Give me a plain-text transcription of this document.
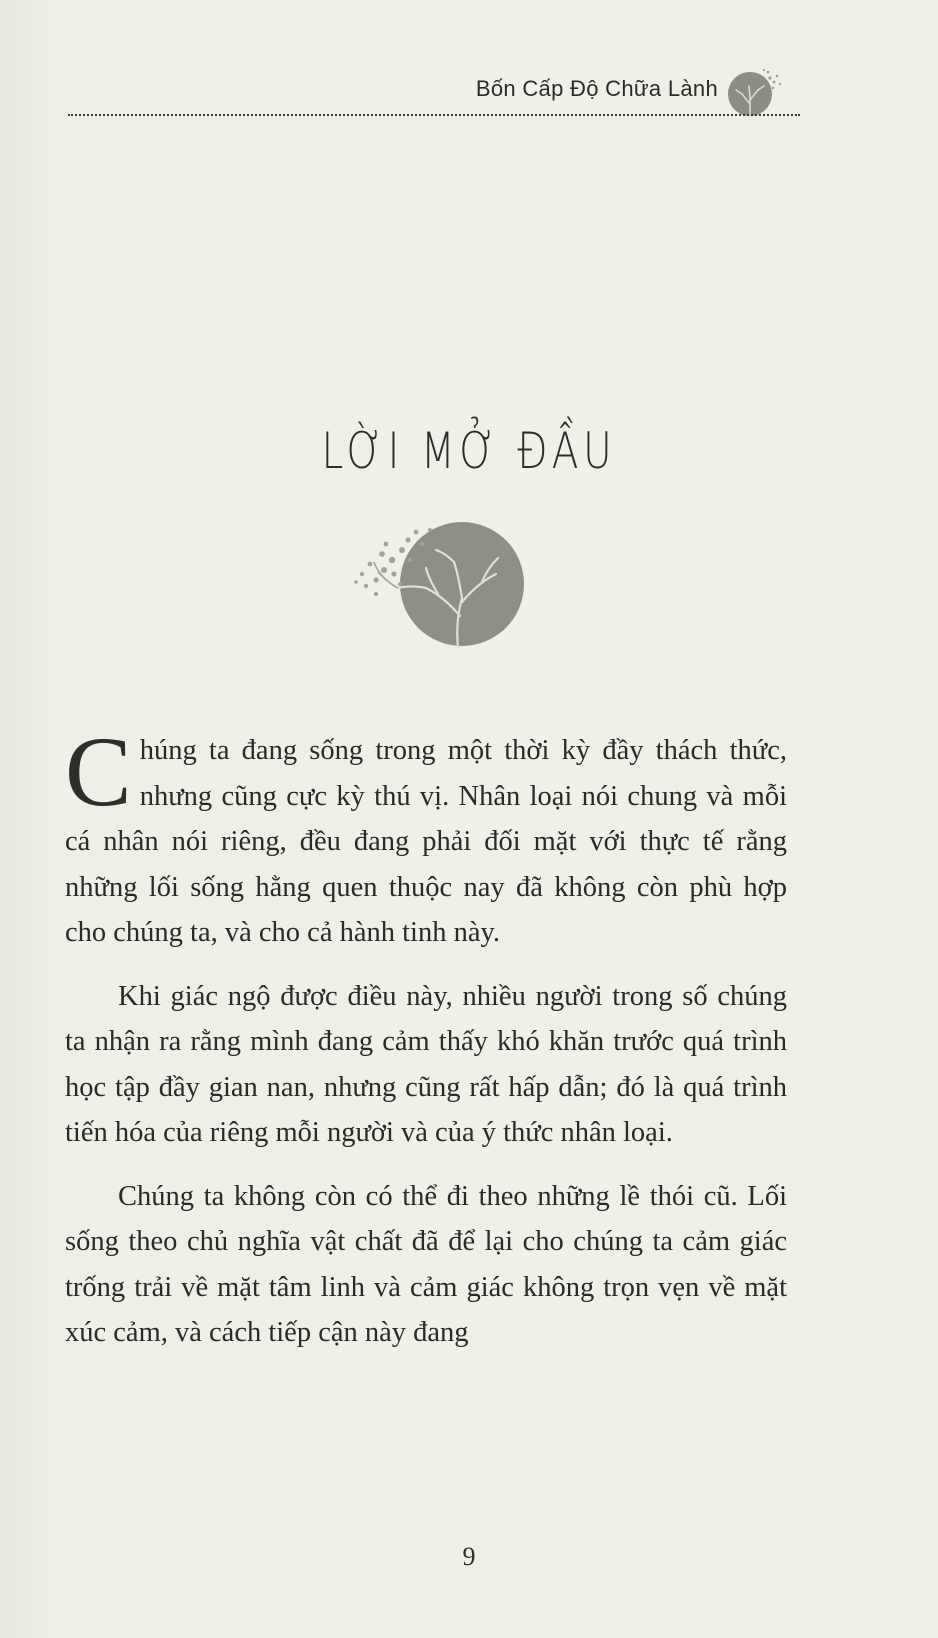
Bốn Cấp Độ Chữa Lành
LỜI MỞ ĐẦU

Chúng ta đang sống trong một thời kỳ đầy thách thức, nhưng cũng cực kỳ thú vị. Nhân loại nói chung và mỗi cá nhân nói riêng, đều đang phải đối mặt với thực tế rằng những lối sống hằng quen thuộc nay đã không còn phù hợp cho chúng ta, và cho cả hành tinh này.

Khi giác ngộ được điều này, nhiều người trong số chúng ta nhận ra rằng mình đang cảm thấy khó khăn trước quá trình học tập đầy gian nan, nhưng cũng rất hấp dẫn; đó là quá trình tiến hóa của riêng mỗi người và của ý thức nhân loại.

Chúng ta không còn có thể đi theo những lề thói cũ. Lối sống theo chủ nghĩa vật chất đã để lại cho chúng ta cảm giác trống trải về mặt tâm linh và cảm giác không trọn vẹn về mặt xúc cảm, và cách tiếp cận này đang

9
